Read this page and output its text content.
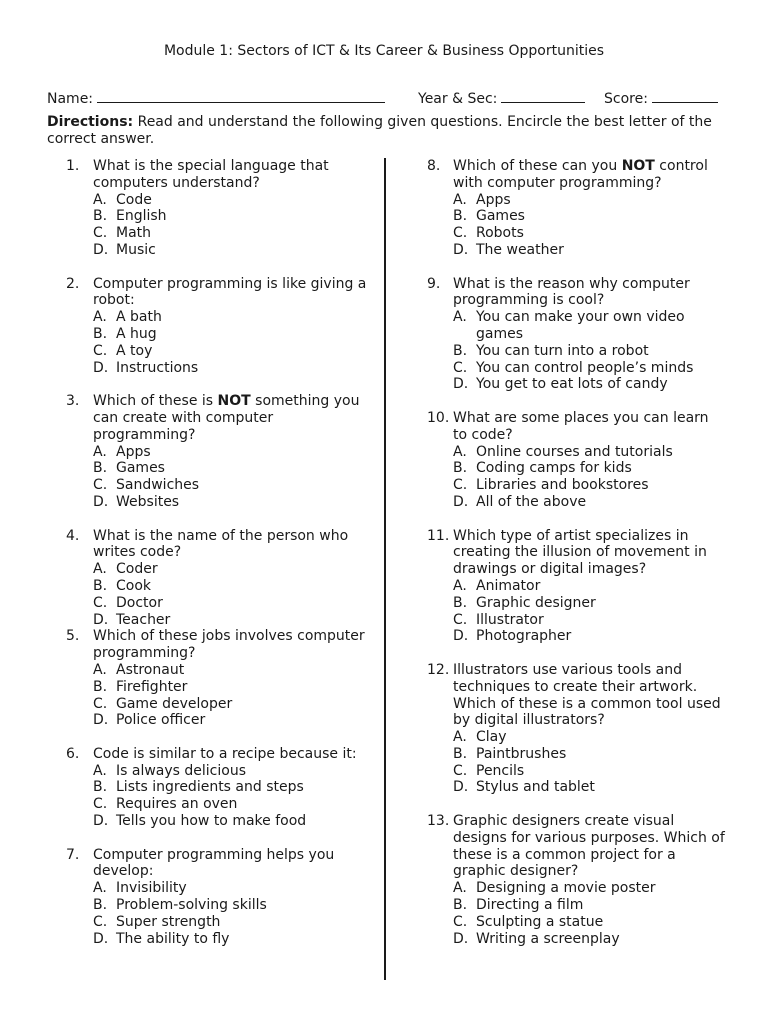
Module 1: Sectors of ICT & Its Career & Business Opportunities
Name:	Year & Sec:	Score:
Directions: Read and understand the following given questions. Encircle the best letter of the correct answer.
1. What is the special language that computers understand?
A. Code
B. English
C. Math
D. Music
2. Computer programming is like giving a robot:
A. A bath
B. A hug
C. A toy
D. Instructions
3. Which of these is NOT something you can create with computer programming?
A. Apps
B. Games
C. Sandwiches
D. Websites
4. What is the name of the person who writes code?
A. Coder
B. Cook
C. Doctor
D. Teacher
5. Which of these jobs involves computer programming?
A. Astronaut
B. Firefighter
C. Game developer
D. Police officer
6. Code is similar to a recipe because it:
A. Is always delicious
B. Lists ingredients and steps
C. Requires an oven
D. Tells you how to make food
7. Computer programming helps you develop:
A. Invisibility
B. Problem-solving skills
C. Super strength
D. The ability to fly
8. Which of these can you NOT control with computer programming?
A. Apps
B. Games
C. Robots
D. The weather
9. What is the reason why computer programming is cool?
A. You can make your own video games
B. You can turn into a robot
C. You can control people’s minds
D. You get to eat lots of candy
10. What are some places you can learn to code?
A. Online courses and tutorials
B. Coding camps for kids
C. Libraries and bookstores
D. All of the above
11. Which type of artist specializes in creating the illusion of movement in drawings or digital images?
A. Animator
B. Graphic designer
C. Illustrator
D. Photographer
12. Illustrators use various tools and techniques to create their artwork. Which of these is a common tool used by digital illustrators?
A. Clay
B. Paintbrushes
C. Pencils
D. Stylus and tablet
13. Graphic designers create visual designs for various purposes. Which of these is a common project for a graphic designer?
A. Designing a movie poster
B. Directing a film
C. Sculpting a statue
D. Writing a screenplay
